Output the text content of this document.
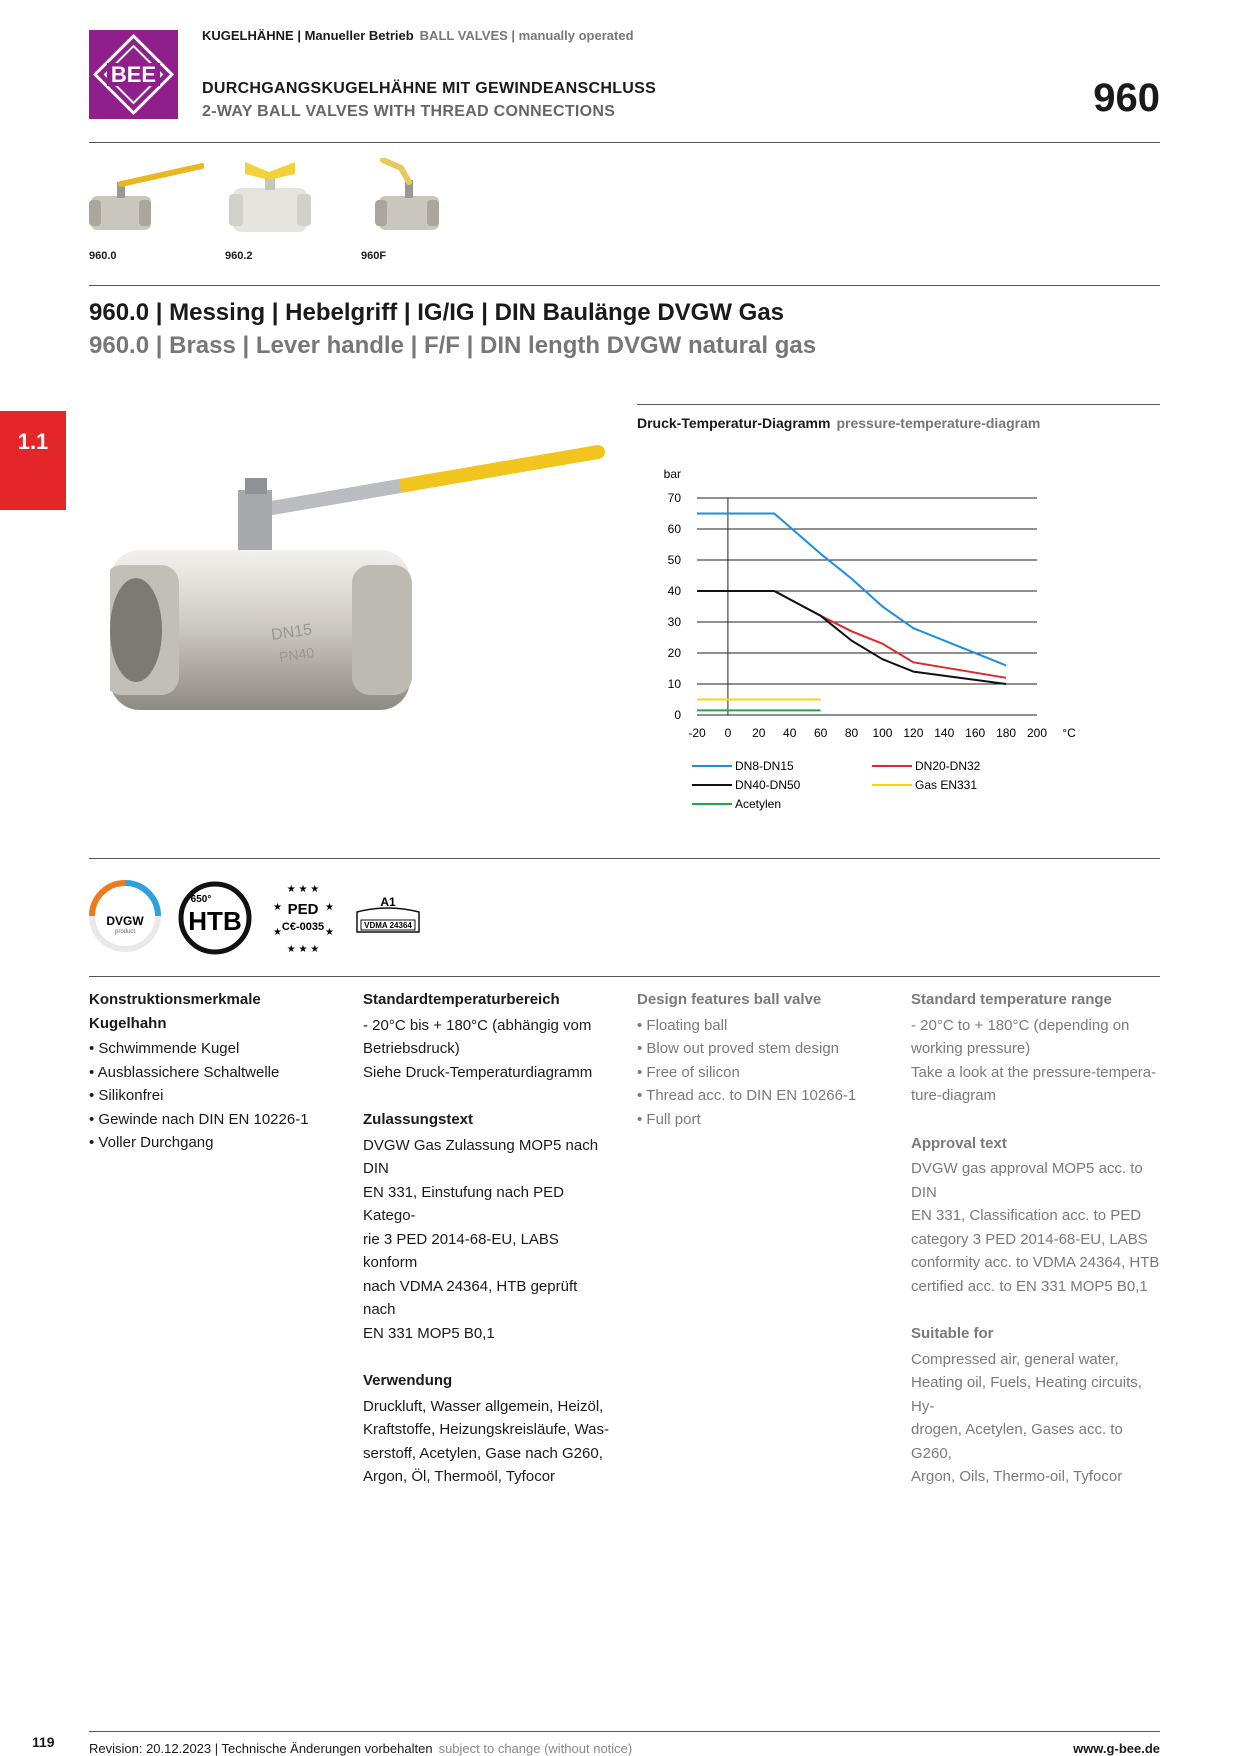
BEE
KUGELHÄHNE | Manueller Betrieb BALL VALVES | manually operated
DURCHGANGSKUGELHÄHNE MIT GEWINDEANSCHLUSS
2-WAY BALL VALVES WITH THREAD CONNECTIONS	960
960.0	960.2	960F
960.0 | Messing | Hebelgriff | IG/IG | DIN Baulänge DVGW Gas
960.0 | Brass | Lever handle | F/F | DIN length DVGW natural gas
1.1
DN15
PN40
Druck-Temperatur-Diagramm pressure-temperature-diagram
0
10
20
30
40
50
60
70
-20 0 20 40 60 80 100 120 140 160 180 200 °C
bar
DN8-DN15	DN20-DN32
DN40-DN50	Gas EN331
Acetylen
DVGW
product
650°
HTB
★ ★ ★
★	★
★	★
★ ★ ★
PED
C€-0035
A1
VDMA 24364
Konstruktionsmerkmale Kugelhahn
• Schwimmende Kugel
• Ausblassichere Schaltwelle
• Silikonfrei
• Gewinde nach DIN EN 10226-1
• Voller Durchgang
Standardtemperaturbereich

- 20°C bis + 180°C (abhängig vom
Betriebsdruck)
Siehe Druck-Temperaturdiagramm

Zulassungstext

DVGW Gas Zulassung MOP5 nach DIN
EN 331, Einstufung nach PED Katego-
rie 3 PED 2014-68-EU, LABS konform
nach VDMA 24364, HTB geprüft nach
EN 331 MOP5 B0,1

Verwendung

Druckluft, Wasser allgemein, Heizöl,
Kraftstoffe, Heizungskreisläufe, Was-
serstoff, Acetylen, Gase nach G260,
Argon, Öl, Thermoöl, Tyfocor

Design features ball valve
• Floating ball
• Blow out proved stem design
• Free of silicon
• Thread acc. to DIN EN 10266-1
• Full port
Standard temperature range

- 20°C to + 180°C (depending on
working pressure)
Take a look at the pressure-tempera-
ture-diagram

Approval text

DVGW gas approval MOP5 acc. to DIN
EN 331, Classification acc. to PED
category 3 PED 2014-68-EU, LABS
conformity acc. to VDMA 24364, HTB
certified acc. to EN 331 MOP5 B0,1

Suitable for

Compressed air, general water,
Heating oil, Fuels, Heating circuits, Hy-
drogen, Acetylen, Gases acc. to G260,
Argon, Oils, Thermo-oil, Tyfocor

119	Revision: 20.12.2023 | Technische Änderungen vorbehalten subject to change (without notice)	www.g-bee.de
